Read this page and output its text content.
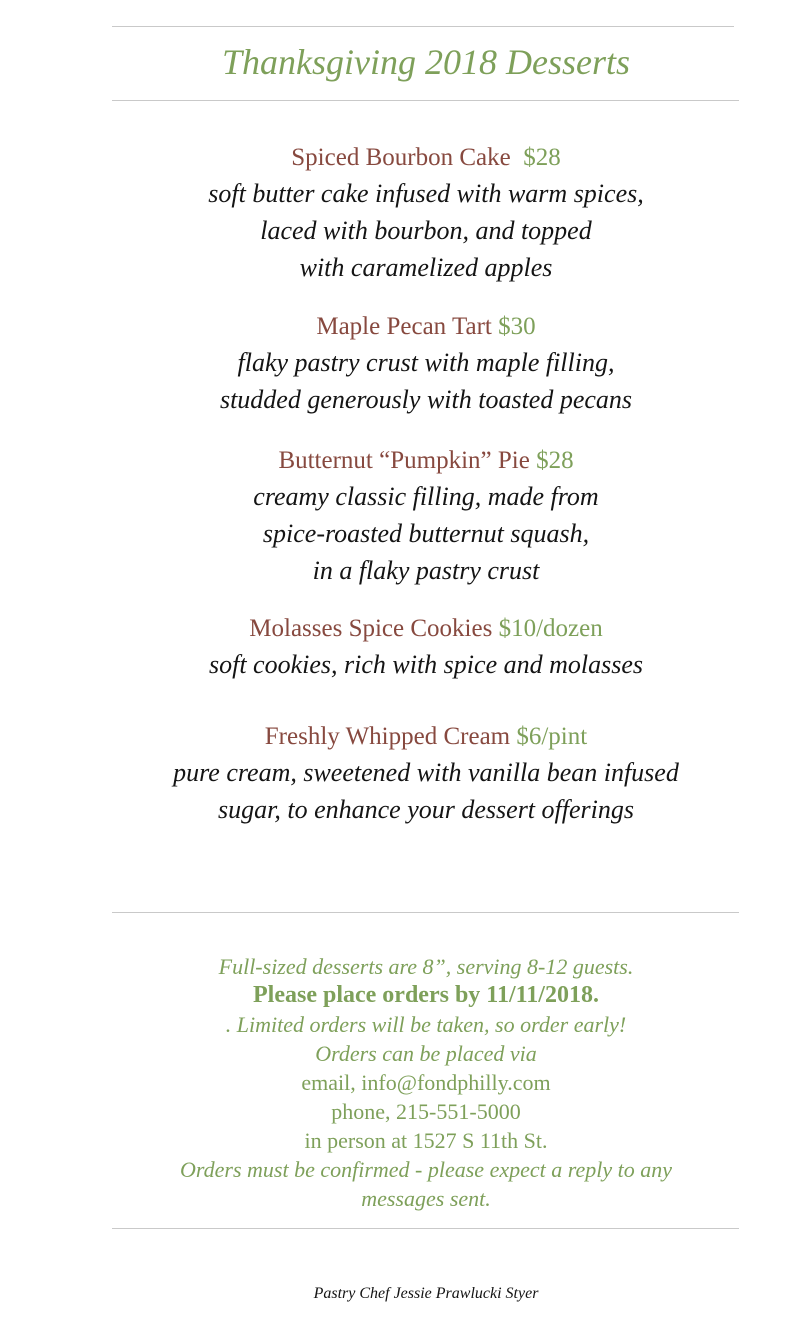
Thanksgiving 2018 Desserts
Spiced Bourbon Cake  $28
soft butter cake infused with warm spices,
laced with bourbon, and topped
with caramelized apples
Maple Pecan Tart $30
flaky pastry crust with maple filling,
studded generously with toasted pecans
Butternut “Pumpkin” Pie $28
creamy classic filling, made from
spice-roasted butternut squash,
in a flaky pastry crust
Molasses Spice Cookies $10/dozen
soft cookies, rich with spice and molasses
Freshly Whipped Cream $6/pint
pure cream, sweetened with vanilla bean infused
sugar, to enhance your dessert offerings
Full-sized desserts are 8”, serving 8-12 guests.
Please place orders by 11/11/2018.
. Limited orders will be taken, so order early!
Orders can be placed via
email, info@fondphilly.com
phone, 215-551-5000
in person at 1527 S 11th St.
Orders must be confirmed - please expect a reply to any
messages sent.
Pastry Chef Jessie Prawlucki Styer
